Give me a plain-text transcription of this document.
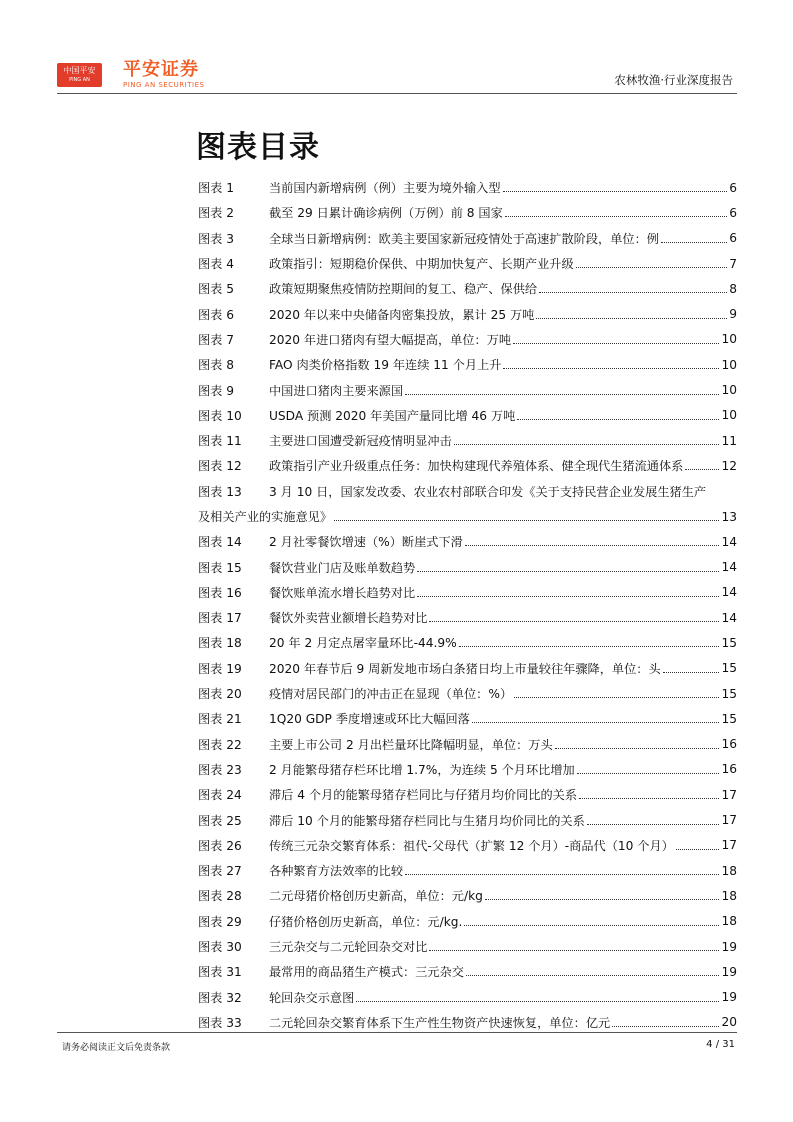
中国平安
PING AN	平安证券
PING AN SECURITIES	农林牧渔·行业深度报告
图表目录
图表 1	当前国内新增病例（例）主要为境外输入型	6
图表 2	截至 29 日累计确诊病例（万例）前 8 国家	6
图表 3	全球当日新增病例：欧美主要国家新冠疫情处于高速扩散阶段，单位：例	6
图表 4	政策指引：短期稳价保供、中期加快复产、长期产业升级	7
图表 5	政策短期聚焦疫情防控期间的复工、稳产、保供给	8
图表 6	2020 年以来中央储备肉密集投放，累计 25 万吨	9
图表 7	2020 年进口猪肉有望大幅提高，单位：万吨	10
图表 8	FAO 肉类价格指数 19 年连续 11 个月上升	10
图表 9	中国进口猪肉主要来源国	10
图表 10	USDA 预测 2020 年美国产量同比增 46 万吨	10
图表 11	主要进口国遭受新冠疫情明显冲击	11
图表 12	政策指引产业升级重点任务：加快构建现代养殖体系、健全现代生猪流通体系	12
图表 13	3 月 10 日，国家发改委、农业农村部联合印发《关于支持民营企业发展生猪生产
及相关产业的实施意见》	13
图表 14	2 月社零餐饮增速（%）断崖式下滑	14
图表 15	餐饮营业门店及账单数趋势	14
图表 16	餐饮账单流水增长趋势对比	14
图表 17	餐饮外卖营业额增长趋势对比	14
图表 18	20 年 2 月定点屠宰量环比-44.9%	15
图表 19	2020 年春节后 9 周新发地市场白条猪日均上市量较往年骤降，单位：头	15
图表 20	疫情对居民部门的冲击正在显现（单位：%）	15
图表 21	1Q20 GDP 季度增速或环比大幅回落	15
图表 22	主要上市公司 2 月出栏量环比降幅明显，单位：万头	16
图表 23	2 月能繁母猪存栏环比增 1.7%，为连续 5 个月环比增加	16
图表 24	滞后 4 个月的能繁母猪存栏同比与仔猪月均价同比的关系	17
图表 25	滞后 10 个月的能繁母猪存栏同比与生猪月均价同比的关系	17
图表 26	传统三元杂交繁育体系：祖代-父母代（扩繁 12 个月）-商品代（10 个月）	17
图表 27	各种繁育方法效率的比较	18
图表 28	二元母猪价格创历史新高，单位：元/kg	18
图表 29	仔猪价格创历史新高，单位：元/kg.	18
图表 30	三元杂交与二元轮回杂交对比	19
图表 31	最常用的商品猪生产模式：三元杂交	19
图表 32	轮回杂交示意图	19
图表 33	二元轮回杂交繁育体系下生产性生物资产快速恢复，单位：亿元	20
请务必阅读正文后免责条款	4 / 31
